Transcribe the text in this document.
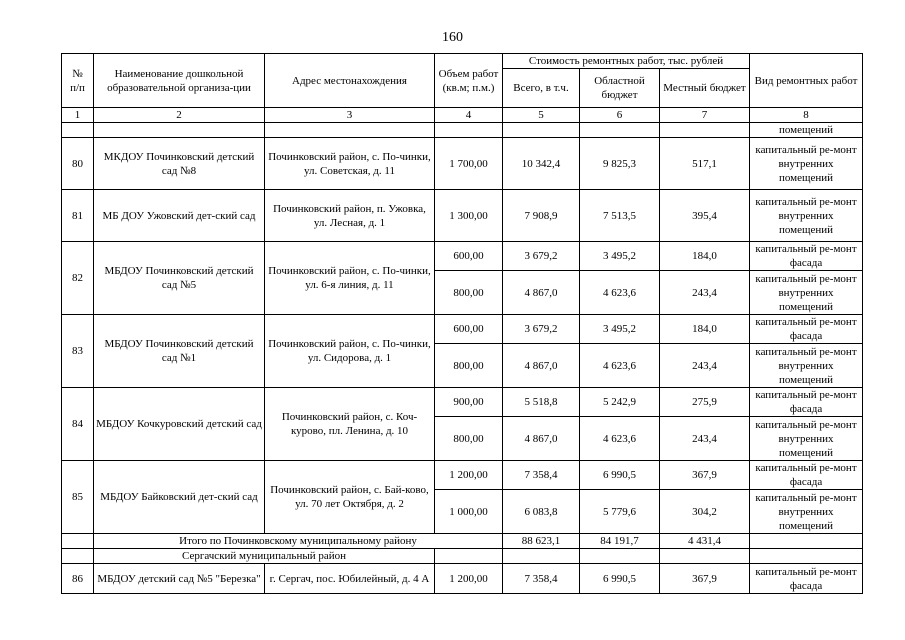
160
№
п/п	Наименование дошкольной образовательной организа-ции	Адрес местонахождения	Объем работ (кв.м; п.м.)	Стоимость ремонтных работ, тыс. рублей			Вид ремонтных работ
				Всего, в т.ч.	Областной бюджет	Местный бюджет	
1	2	3	4	5	6	7	8
							помещений
80	МКДОУ Починковский детский сад №8	Починковский район, с. По-чинки, ул. Советская, д. 11	1 700,00	10 342,4	9 825,3	517,1	капитальный ре-монт внутренних помещений
81	МБ ДОУ Ужовский дет-ский сад	Починковский район, п. Ужовка, ул. Лесная, д. 1	1 300,00	7 908,9	7 513,5	395,4	капитальный ре-монт внутренних помещений
82	МБДОУ Починковский детский сад №5	Починковский район, с. По-чинки, ул. 6-я линия, д. 11	600,00	3 679,2	3 495,2	184,0	капитальный ре-монт фасада
			800,00	4 867,0	4 623,6	243,4	капитальный ре-монт внутренних помещений
83	МБДОУ Починковский детский сад №1	Починковский район, с. По-чинки, ул. Сидорова, д. 1	600,00	3 679,2	3 495,2	184,0	капитальный ре-монт фасада
			800,00	4 867,0	4 623,6	243,4	капитальный ре-монт внутренних помещений
84	МБДОУ Кочкуровский детский сад	Починковский район, с. Коч-курово, пл. Ленина, д. 10	900,00	5 518,8	5 242,9	275,9	капитальный ре-монт фасада
			800,00	4 867,0	4 623,6	243,4	капитальный ре-монт внутренних помещений
85	МБДОУ Байковский дет-ский сад	Починковский район, с. Бай-ково, ул. 70 лет Октября, д. 2	1 200,00	7 358,4	6 990,5	367,9	капитальный ре-монт фасада
			1 000,00	6 083,8	5 779,6	304,2	капитальный ре-монт внутренних помещений
	Итого по Починковскому муниципальному району			88 623,1	84 191,7	4 431,4	
	Сергачский муниципальный район						
86	МБДОУ детский сад №5 "Березка"	г. Сергач, пос. Юбилейный, д. 4 А	1 200,00	7 358,4	6 990,5	367,9	капитальный ре-монт фасада
